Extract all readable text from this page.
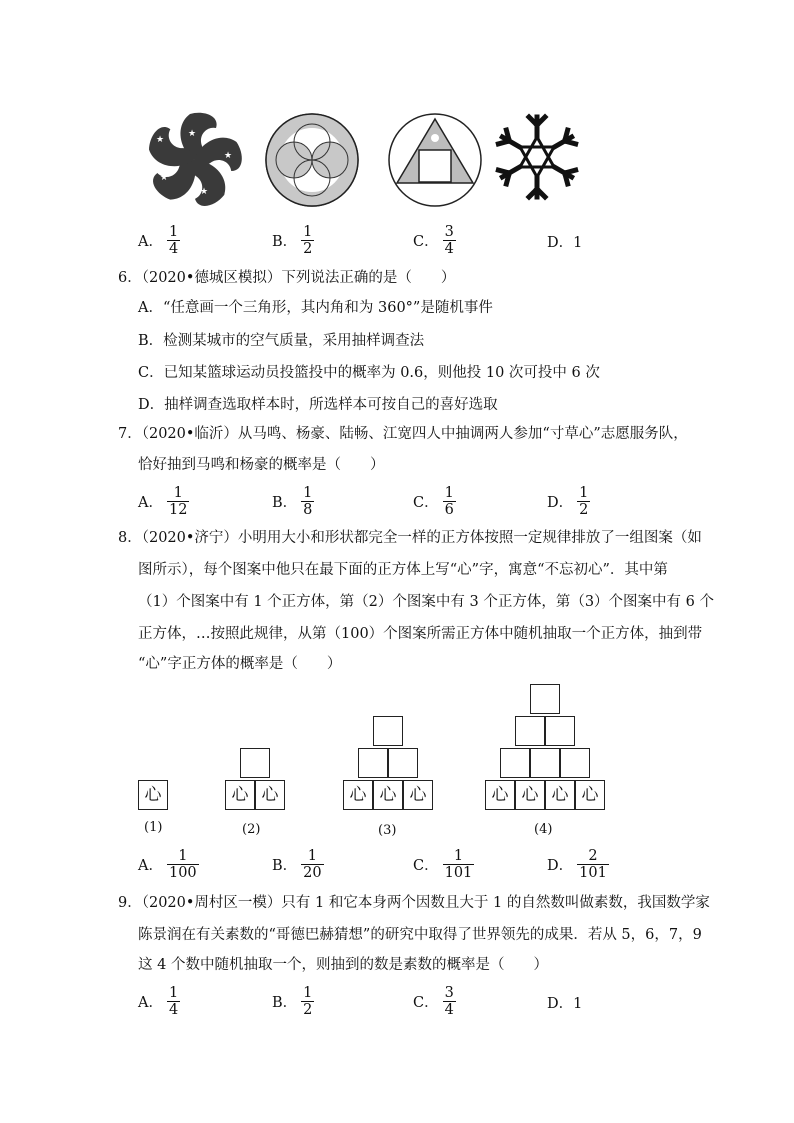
★
★
★
★
★
A． $\frac{1}{4}$	B． $\frac{1}{2}$	C． $\frac{3}{4}$	D．1
6．（2020•德城区模拟）下列说法正确的是（　　）
A．“任意画一个三角形，其内角和为 360°”是随机事件
B．检测某城市的空气质量，采用抽样调查法
C．已知某篮球运动员投篮投中的概率为 0.6，则他投 10 次可投中 6 次
D．抽样调查选取样本时，所选样本可按自己的喜好选取
7．（2020•临沂）从马鸣、杨豪、陆畅、江宽四人中抽调两人参加“寸草心”志愿服务队，
恰好抽到马鸣和杨豪的概率是（　　）
A． $\frac{1}{12}$	B． $\frac{1}{8}$	C． $\frac{1}{6}$	D． $\frac{1}{2}$
8．（2020•济宁）小明用大小和形状都完全一样的正方体按照一定规律排放了一组图案（如
图所示），每个图案中他只在最下面的正方体上写“心”字，寓意“不忘初心”．其中第
（1）个图案中有 1 个正方体，第（2）个图案中有 3 个正方体，第（3）个图案中有 6 个
正方体，…按照此规律，从第（100）个图案所需正方体中随机抽取一个正方体，抽到带
“心”字正方体的概率是（　　）
心	心 心	心 心 心	心 心 心 心
(1)	(2)	(3)	(4)
A． $\frac{1}{100}$	B． $\frac{1}{20}$	C． $\frac{1}{101}$	D． $\frac{2}{101}$
9．（2020•周村区一模）只有 1 和它本身两个因数且大于 1 的自然数叫做素数，我国数学家
陈景润在有关素数的“哥德巴赫猜想”的研究中取得了世界领先的成果．若从 5，6，7，9
这 4 个数中随机抽取一个，则抽到的数是素数的概率是（　　）
A． $\frac{1}{4}$	B． $\frac{1}{2}$	C． $\frac{3}{4}$	D．1
